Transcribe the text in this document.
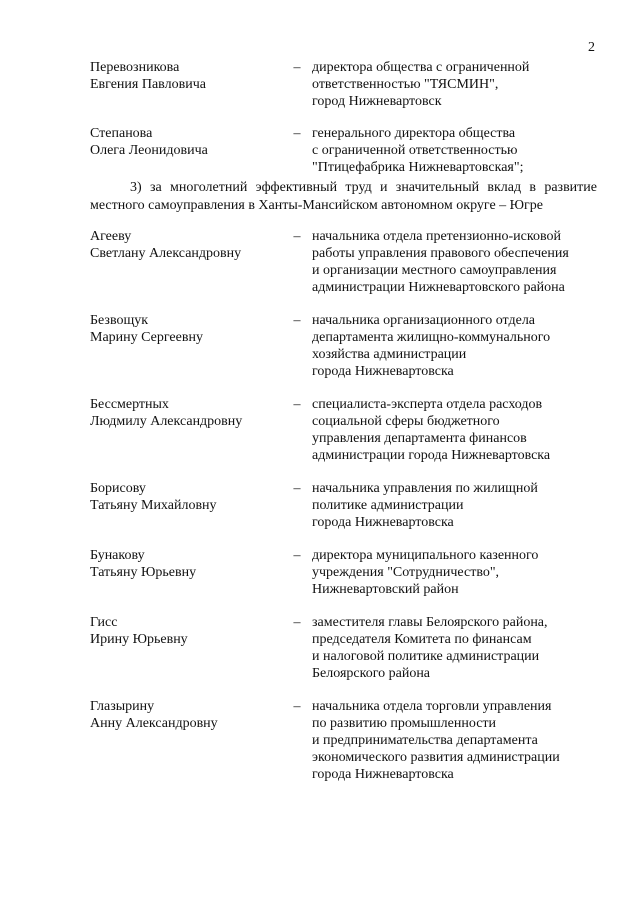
2
Перевозникова
Евгения Павловича
– директора общества с ограниченной
ответственностью "ТЯСМИН",
город Нижневартовск
Степанова
Олега Леонидовича
– генерального директора общества
с ограниченной ответственностью
"Птицефабрика Нижневартовская";
3) за многолетний эффективный труд и значительный вклад в развитие местного самоуправления в Ханты-Мансийском автономном округе – Югре
Агееву
Светлану Александровну
– начальника отдела претензионно-исковой
работы управления правового обеспечения
и организации местного самоуправления
администрации Нижневартовского района
Безвощук
Марину Сергеевну
– начальника организационного отдела
департамента жилищно-коммунального
хозяйства администрации
города Нижневартовска
Бессмертных
Людмилу Александровну
– специалиста-эксперта отдела расходов
социальной сферы бюджетного
управления департамента финансов
администрации города Нижневартовска
Борисову
Татьяну Михайловну
– начальника управления по жилищной
политике администрации
города Нижневартовска
Бунакову
Татьяну Юрьевну
– директора муниципального казенного
учреждения "Сотрудничество",
Нижневартовский район
Гисс
Ирину Юрьевну
– заместителя главы Белоярского района,
председателя Комитета по финансам
и налоговой политике администрации
Белоярского района
Глазырину
Анну Александровну
– начальника отдела торговли управления
по развитию промышленности
и предпринимательства департамента
экономического развития администрации
города Нижневартовска
